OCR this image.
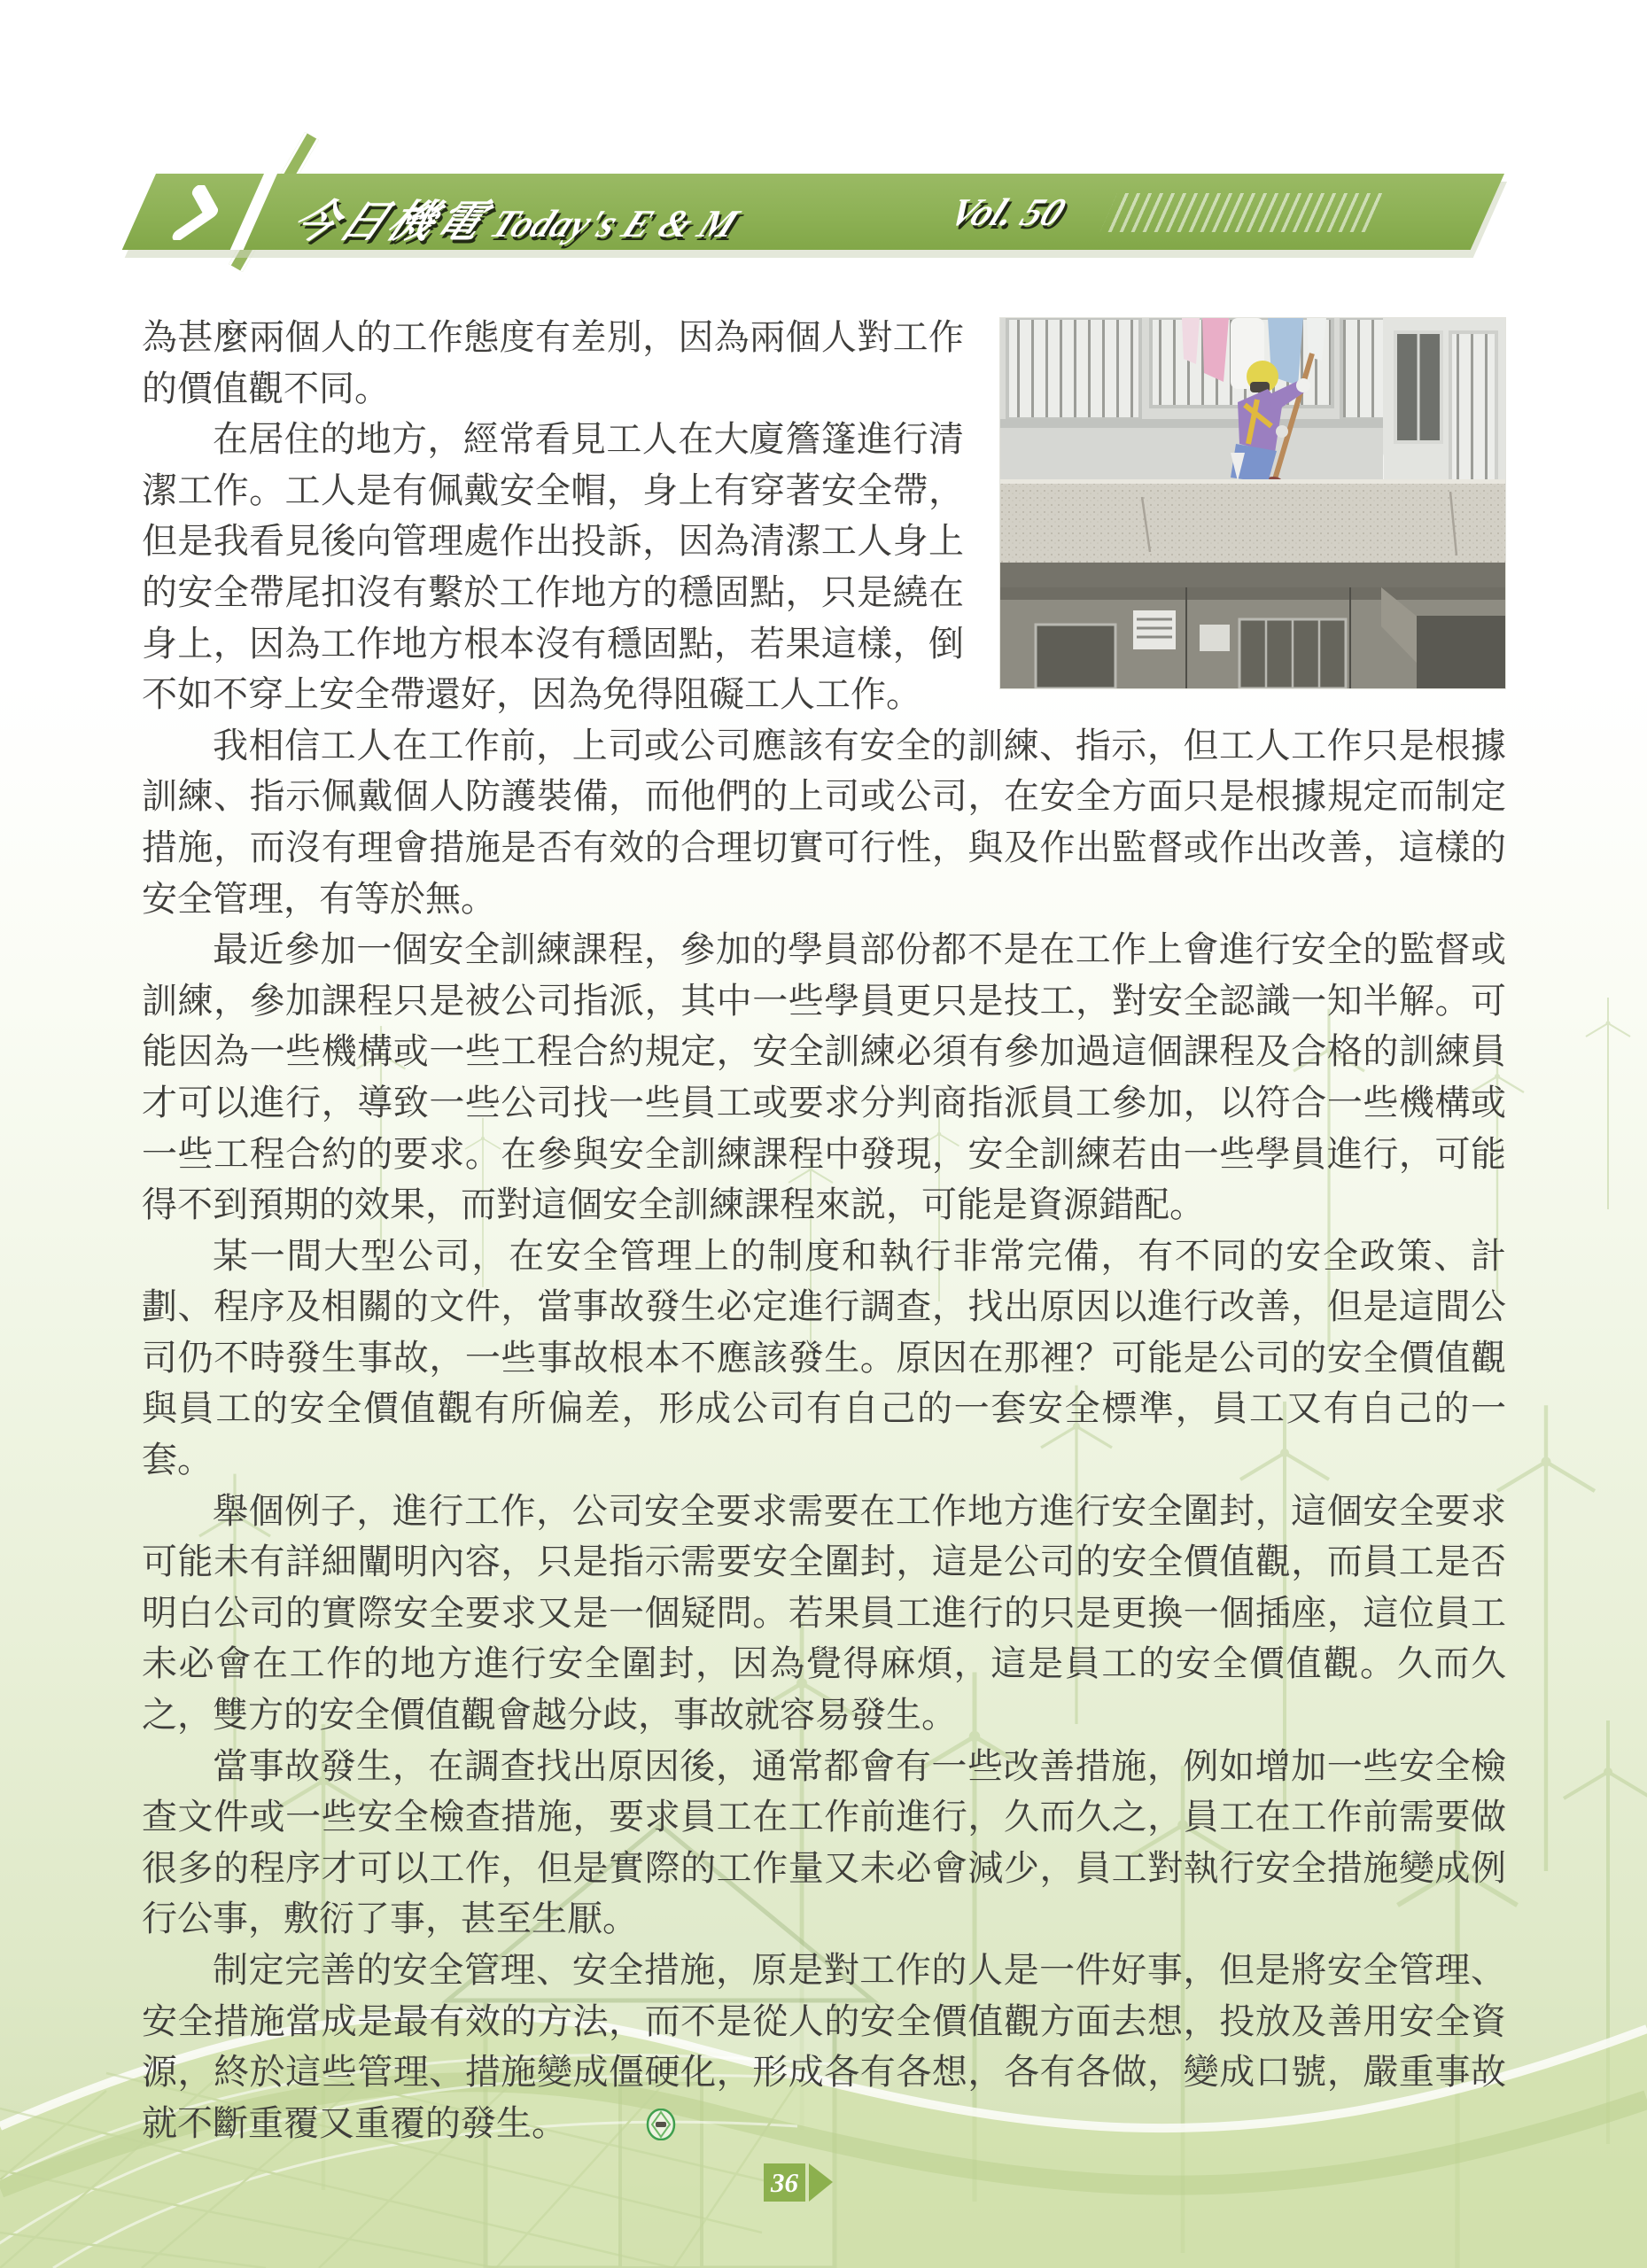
今日機電Today's E & M	Vol. 50

為甚麼兩個人的工作態度有差別，因為兩個人對工作的價值觀不同。

在居住的地方，經常看見工人在大廈簷篷進行清潔工作。工人是有佩戴安全帽，身上有穿著安全帶，但是我看見後向管理處作出投訴，因為清潔工人身上的安全帶尾扣沒有繫於工作地方的穩固點，只是繞在身上，因為工作地方根本沒有穩固點，若果這樣，倒不如不穿上安全帶還好，因為免得阻礙工人工作。

我相信工人在工作前，上司或公司應該有安全的訓練、指示，但工人工作只是根據訓練、指示佩戴個人防護裝備，而他們的上司或公司，在安全方面只是根據規定而制定措施，而沒有理會措施是否有效的合理切實可行性，與及作出監督或作出改善，這樣的安全管理，有等於無。

最近參加一個安全訓練課程，參加的學員部份都不是在工作上會進行安全的監督或訓練，參加課程只是被公司指派，其中一些學員更只是技工，對安全認識一知半解。可能因為一些機構或一些工程合約規定，安全訓練必須有參加過這個課程及合格的訓練員才可以進行，導致一些公司找一些員工或要求分判商指派員工參加，以符合一些機構或一些工程合約的要求。在參與安全訓練課程中發現，安全訓練若由一些學員進行，可能得不到預期的效果，而對這個安全訓練課程來説，可能是資源錯配。

某一間大型公司，在安全管理上的制度和執行非常完備，有不同的安全政策、計劃、程序及相關的文件，當事故發生必定進行調查，找出原因以進行改善，但是這間公司仍不時發生事故，一些事故根本不應該發生。原因在那裡？可能是公司的安全價值觀與員工的安全價值觀有所偏差，形成公司有自己的一套安全標準，員工又有自己的一套。

舉個例子，進行工作，公司安全要求需要在工作地方進行安全圍封，這個安全要求可能未有詳細闡明內容，只是指示需要安全圍封，這是公司的安全價值觀，而員工是否明白公司的實際安全要求又是一個疑問。若果員工進行的只是更換一個插座，這位員工未必會在工作的地方進行安全圍封，因為覺得麻煩，這是員工的安全價值觀。久而久之，雙方的安全價值觀會越分歧，事故就容易發生。

當事故發生，在調查找出原因後，通常都會有一些改善措施，例如增加一些安全檢查文件或一些安全檢查措施，要求員工在工作前進行，久而久之，員工在工作前需要做很多的程序才可以工作，但是實際的工作量又未必會減少，員工對執行安全措施變成例行公事，敷衍了事，甚至生厭。

制定完善的安全管理、安全措施，原是對工作的人是一件好事，但是將安全管理、安全措施當成是最有效的方法，而不是從人的安全價值觀方面去想，投放及善用安全資源，終於這些管理、措施變成僵硬化，形成各有各想，各有各做，變成口號，嚴重事故就不斷重覆又重覆的發生。

36
